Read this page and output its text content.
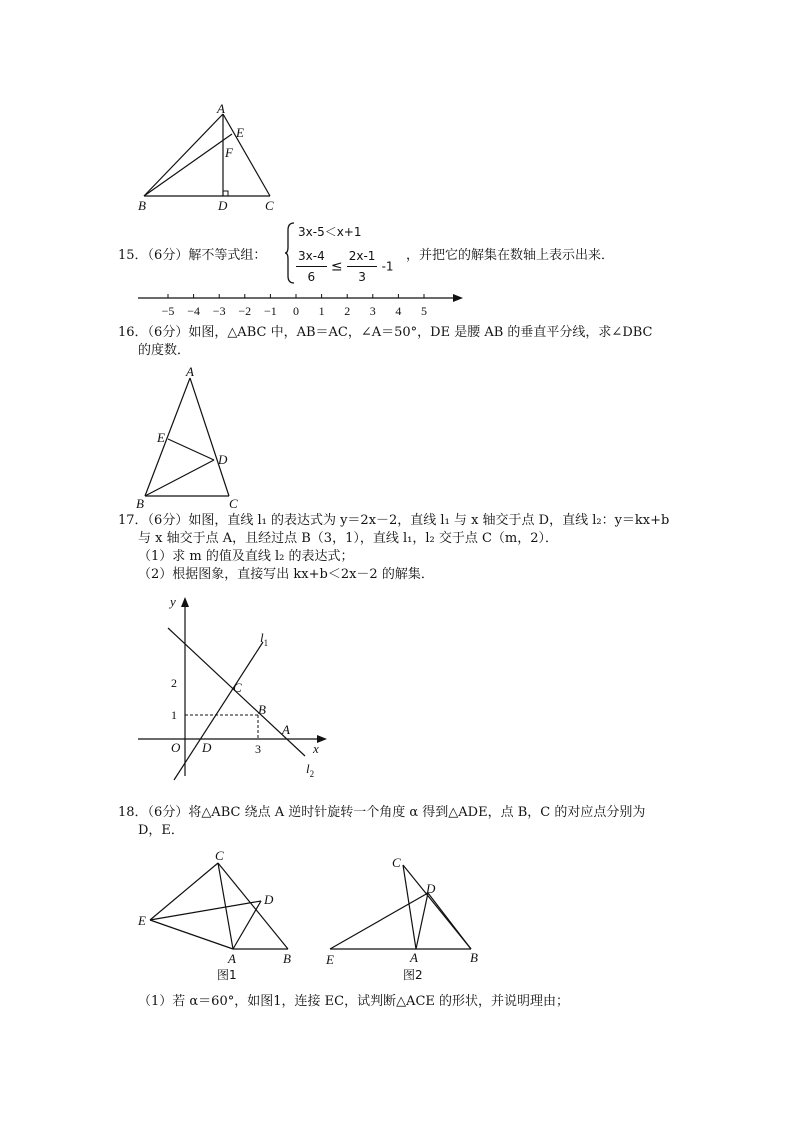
A
E
F
B	D	C
15．（6分）解不等式组：
3x-5＜x+1
$\frac{3x-4}{6} \le \frac{2x-1}{3} -1$
，并把它的解集在数轴上表示出来．
−5 −4 −3 −2 −1 0 1 2 3 4 5
16．（6分）如图，△ABC 中，AB＝AC，∠A＝50°，DE 是腰 AB 的垂直平分线，求∠DBC
的度数．
A
E
D
B	C
17．（6分）如图，直线 l₁ 的表达式为 y＝2x－2，直线 l₁ 与 x 轴交于点 D，直线 l₂：y＝kx+b
与 x 轴交于点 A，且经过点 B（3，1），直线 l₁，l₂ 交于点 C（m，2）．
（1）求 m 的值及直线 l₂ 的表达式；
（2）根据图象，直接写出 kx+b＜2x－2 的解集．
y
x
O
2
1
3
C
B
A
D
$l_1$
$l_2$
18．（6分）将△ABC 绕点 A 逆时针旋转一个角度 α 得到△ADE，点 B，C 的对应点分别为
D，E．
C
D
E
A	B
图1
C
D
E	A	B
图2
（1）若 α＝60°，如图1，连接 EC，试判断△ACE 的形状，并说明理由；
